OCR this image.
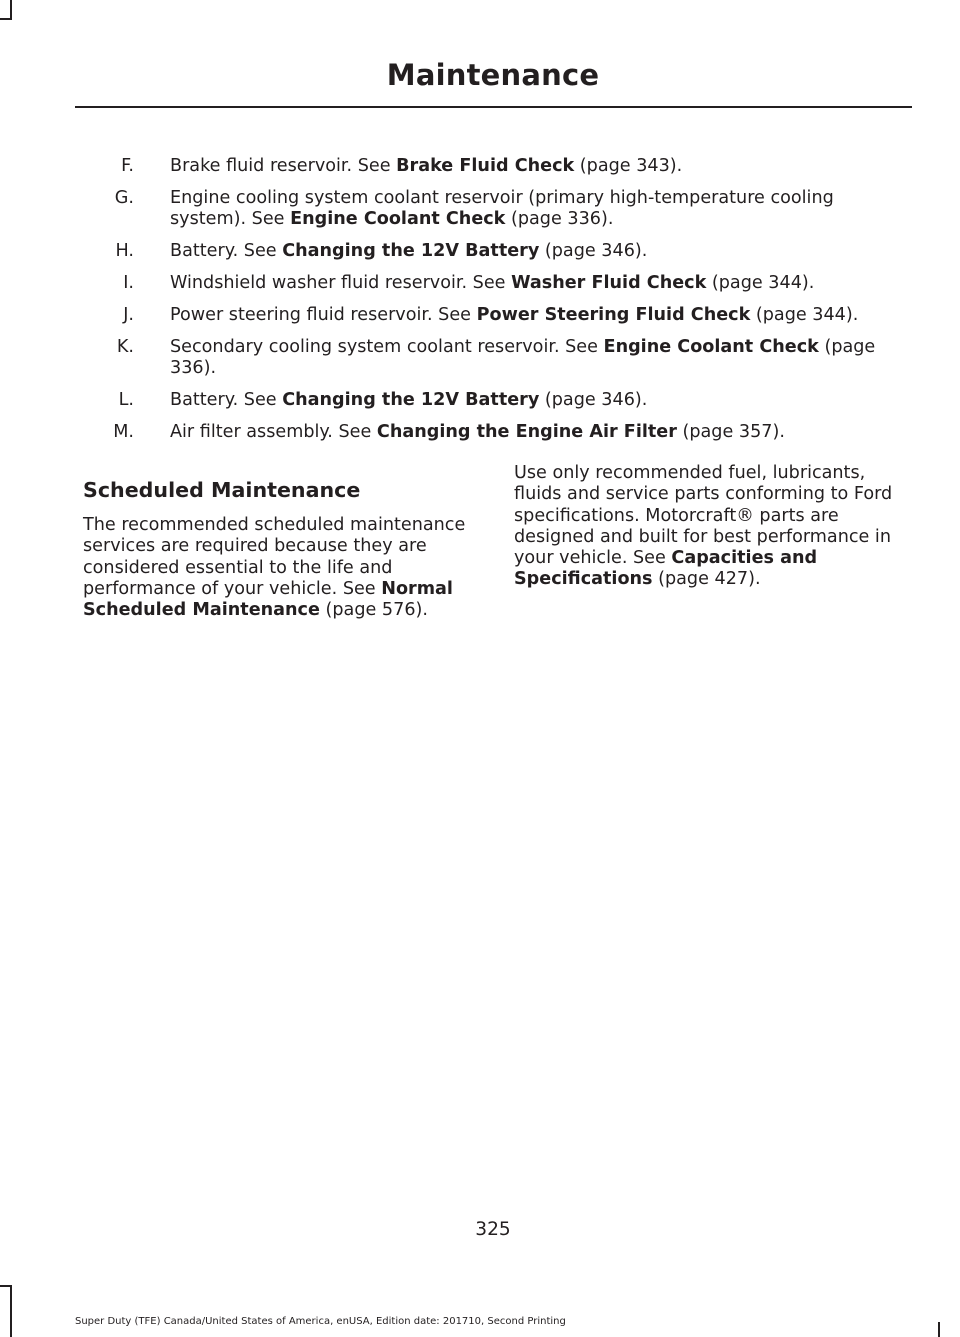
Maintenance
F. Brake fluid reservoir. See Brake Fluid Check (page 343).
G. Engine cooling system coolant reservoir (primary high-temperature cooling system). See Engine Coolant Check (page 336).
H. Battery. See Changing the 12V Battery (page 346).
I. Windshield washer fluid reservoir. See Washer Fluid Check (page 344).
J. Power steering fluid reservoir. See Power Steering Fluid Check (page 344).
K. Secondary cooling system coolant reservoir. See Engine Coolant Check (page 336).
L. Battery. See Changing the 12V Battery (page 346).
M. Air filter assembly. See Changing the Engine Air Filter (page 357).
Scheduled Maintenance

The recommended scheduled maintenance services are required because they are considered essential to the life and performance of your vehicle. See Normal Scheduled Maintenance (page 576).

Use only recommended fuel, lubricants, fluids and service parts conforming to Ford specifications. Motorcraft® parts are designed and built for best performance in your vehicle. See Capacities and Specifications (page 427).

325
Super Duty (TFE) Canada/United States of America, enUSA, Edition date: 201710, Second Printing
